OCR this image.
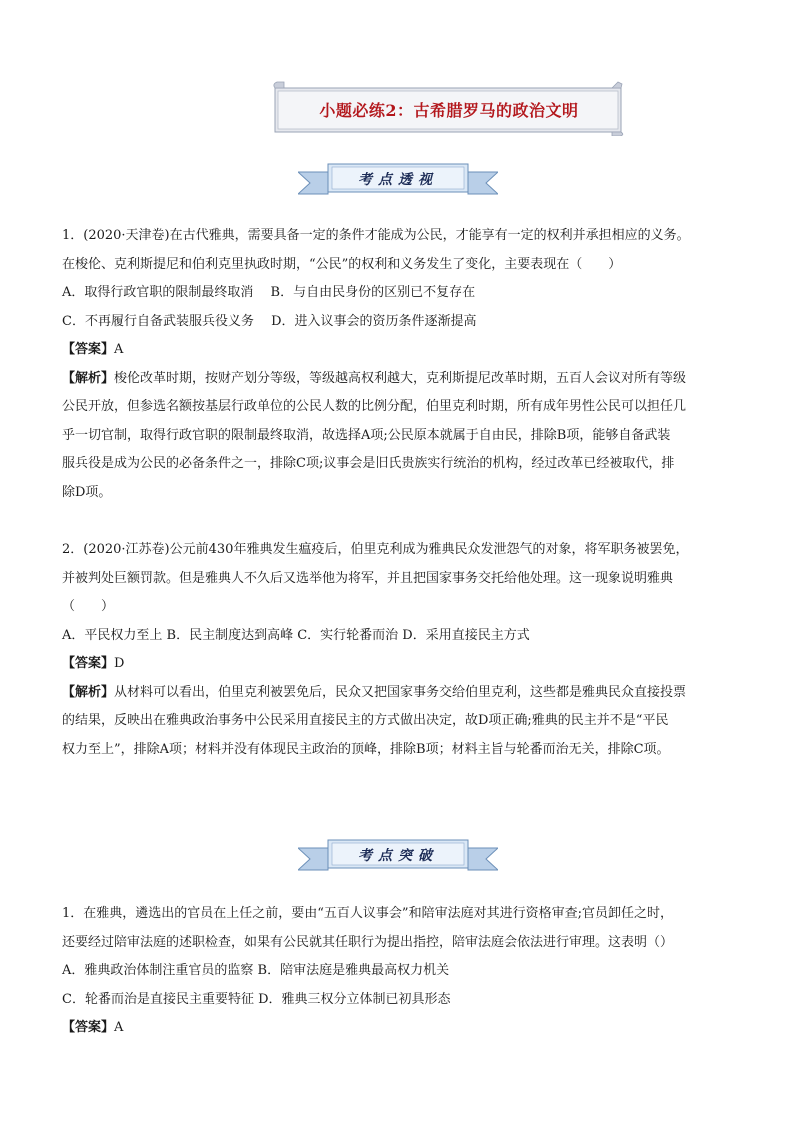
小题必练2：古希腊罗马的政治文明
考点透视

1．(2020·天津卷)在古代雅典，需要具备一定的条件才能成为公民，才能享有一定的权利并承担相应的义务。

在梭伦、克利斯提尼和伯利克里执政时期，“公民”的权利和义务发生了变化，主要表现在（　　）

A．取得行政官职的限制最终取消　 B．与自由民身份的区别已不复存在

C．不再履行自备武装服兵役义务　 D．进入议事会的资历条件逐渐提高

【答案】A

【解析】梭伦改革时期，按财产划分等级，等级越高权利越大，克利斯提尼改革时期，五百人会议对所有等级

公民开放，但参选名额按基层行政单位的公民人数的比例分配，伯里克利时期，所有成年男性公民可以担任几

乎一切官制，取得行政官职的限制最终取消，故选择A项;公民原本就属于自由民，排除B项，能够自备武装

服兵役是成为公民的必备条件之一，排除C项;议事会是旧氏贵族实行统治的机构，经过改革已经被取代，排

除D项。

2．(2020·江苏卷)公元前430年雅典发生瘟疫后，伯里克利成为雅典民众发泄怨气的对象，将军职务被罢免，

并被判处巨额罚款。但是雅典人不久后又选举他为将军，并且把国家事务交托给他处理。这一现象说明雅典

（　　）

A．平民权力至上 B．民主制度达到高峰 C．实行轮番而治 D．采用直接民主方式

【答案】D

【解析】从材料可以看出，伯里克利被罢免后，民众又把国家事务交给伯里克利，这些都是雅典民众直接投票

的结果，反映出在雅典政治事务中公民采用直接民主的方式做出决定，故D项正确;雅典的民主并不是“平民

权力至上”，排除A项；材料并没有体现民主政治的顶峰，排除B项；材料主旨与轮番而治无关，排除C项。

考点突破

1．在雅典，遴选出的官员在上任之前，要由“五百人议事会”和陪审法庭对其进行资格审查;官员卸任之时，

还要经过陪审法庭的述职检查，如果有公民就其任职行为提出指控，陪审法庭会依法进行审理。这表明（）

A．雅典政治体制注重官员的监察 B．陪审法庭是雅典最高权力机关

C．轮番而治是直接民主重要特征 D．雅典三权分立体制已初具形态

【答案】A
